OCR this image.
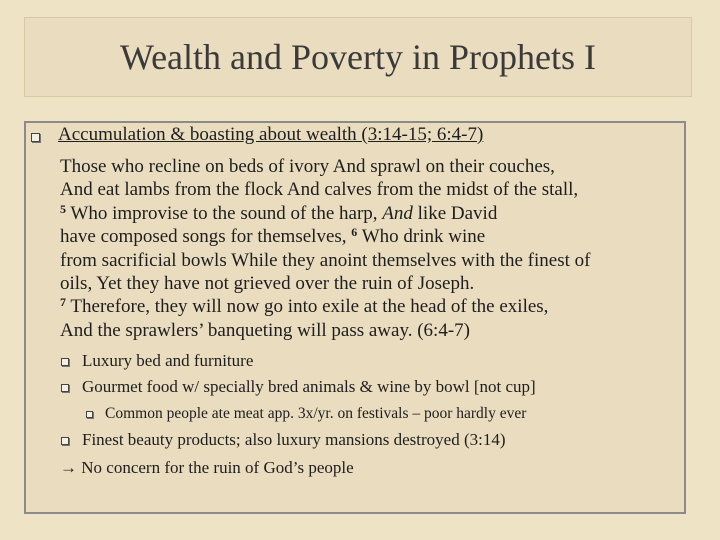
Wealth and Poverty in Prophets I
Accumulation & boasting about wealth (3:14-15; 6:4-7)
Those who recline on beds of ivory And sprawl on their couches,
And eat lambs from the flock And calves from the midst of the stall,
$^5$ Who improvise to the sound of the harp, And like David
have composed songs for themselves, $^6$ Who drink wine
from sacrificial bowls While they anoint themselves with the finest of
oils, Yet they have not grieved over the ruin of Joseph.
$^7$ Therefore, they will now go into exile at the head of the exiles,
And the sprawlers’ banqueting will pass away. (6:4-7)
Luxury bed and furniture
Gourmet food w/ specially bred animals & wine by bowl [not cup]
Common people ate meat app. 3x/yr. on festivals – poor hardly ever
Finest beauty products; also luxury mansions destroyed (3:14)
→ No concern for the ruin of God’s people
